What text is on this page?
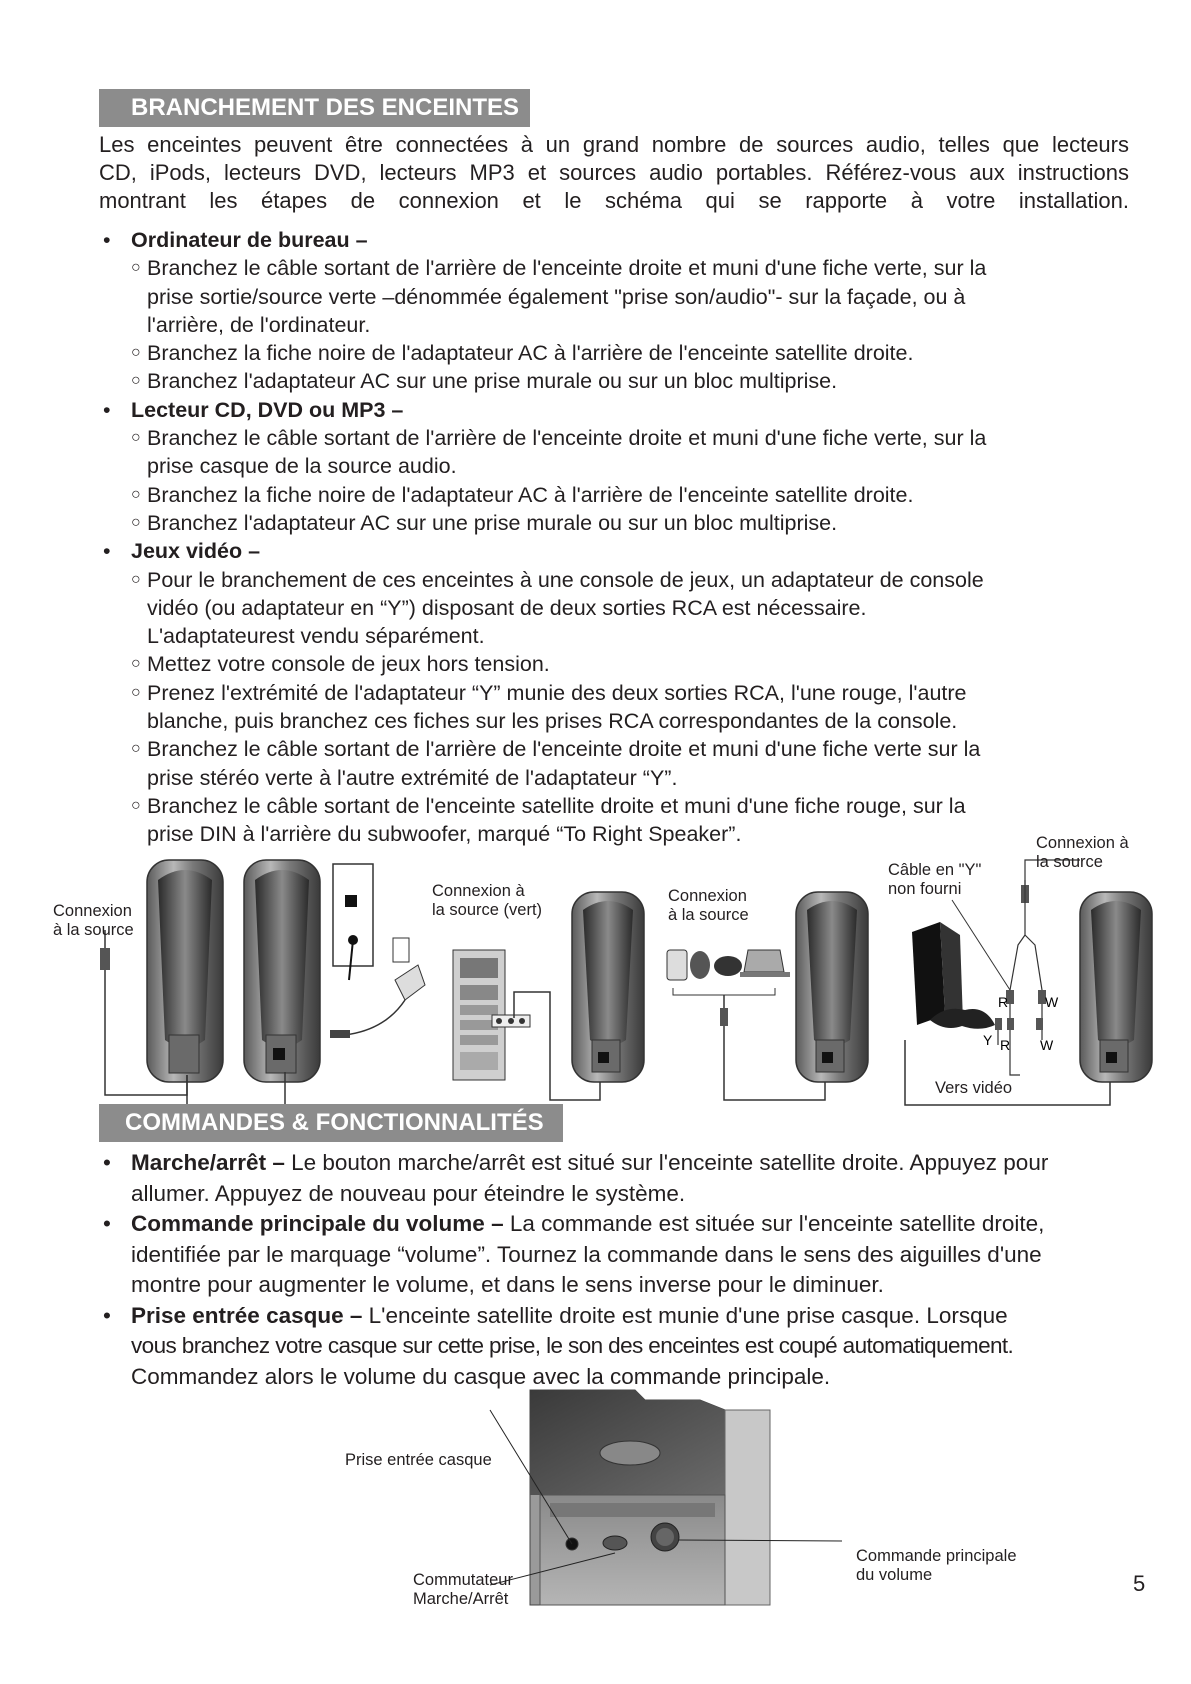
BRANCHEMENT DES ENCEINTES
Les enceintes peuvent être connectées à un grand nombre de sources audio, telles que lecteurs
CD, iPods, lecteurs DVD, lecteurs MP3 et sources audio portables. Référez-vous aux instructions
montrant les étapes de connexion et le schéma qui se rapporte à votre installation.
• Ordinateur de bureau –
○ Branchez le câble sortant de l'arrière de l'enceinte droite et muni d'une fiche verte, sur la
prise sortie/source verte –dénommée également "prise son/audio"- sur la façade, ou à
l'arrière, de l'ordinateur.
○ Branchez la fiche noire de l'adaptateur AC à l'arrière de l'enceinte satellite droite.
○ Branchez l'adaptateur AC sur une prise murale ou sur un bloc multiprise.
• Lecteur CD, DVD ou MP3 –
○ Branchez le câble sortant de l'arrière de l'enceinte droite et muni d'une fiche verte, sur la
prise casque de la source audio.
○ Branchez la fiche noire de l'adaptateur AC à l'arrière de l'enceinte satellite droite.
○ Branchez l'adaptateur AC sur une prise murale ou sur un bloc multiprise.
• Jeux vidéo –
○ Pour le branchement de ces enceintes à une console de jeux, un adaptateur de console
vidéo (ou adaptateur en “Y”) disposant de deux sorties RCA est nécessaire.
L'adaptateurest vendu séparément.
○ Mettez votre console de jeux hors tension.
○ Prenez l'extrémité de l'adaptateur “Y” munie des deux sorties RCA, l'une rouge, l'autre
blanche, puis branchez ces fiches sur les prises RCA correspondantes de la console.
○ Branchez le câble sortant de l'arrière de l'enceinte droite et muni d'une fiche verte sur la
prise stéréo verte à l'autre extrémité de l'adaptateur “Y”.
○ Branchez le câble sortant de l'enceinte satellite droite et muni d'une fiche rouge, sur la
prise DIN à l'arrière du subwoofer, marqué “To Right Speaker”.
R	W
Y R W
Connexion
à la source
Connexion à
la source (vert)
Connexion
à la source
Câble en "Y"
non fourni
Connexion à
la source
Vers vidéo
COMMANDES & FONCTIONNALITÉS
• Marche/arrêt – Le bouton marche/arrêt est situé sur l'enceinte satellite droite. Appuyez pour
allumer. Appuyez de nouveau pour éteindre le système.
• Commande principale du volume – La commande est située sur l'enceinte satellite droite,
identifiée par le marquage “volume”. Tournez la commande dans le sens des aiguilles d'une
montre pour augmenter le volume, et dans le sens inverse pour le diminuer.
• Prise entrée casque – L'enceinte satellite droite est munie d'une prise casque. Lorsque
vous branchez votre casque sur cette prise, le son des enceintes est coupé automatiquement.
Commandez alors le volume du casque avec la commande principale.
Prise entrée casque
Commutateur
Marche/Arrêt
Commande principale
du volume	5
